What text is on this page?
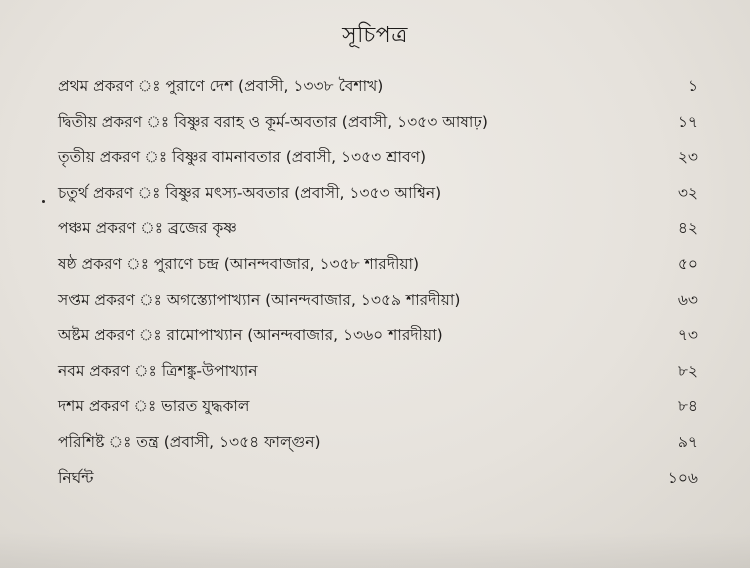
সূচিপত্র
প্রথম প্রকরণ ঃ পুরাণে দেশ (প্রবাসী, ১৩৩৮ বৈশাখ)	১
দ্বিতীয় প্রকরণ ঃ বিষ্ণুর বরাহ ও কূর্ম-অবতার (প্রবাসী, ১৩৫৩ আষাঢ়)	১৭
তৃতীয় প্রকরণ ঃ বিষ্ণুর বামনাবতার (প্রবাসী, ১৩৫৩ শ্রাবণ)	২৩
চতুর্থ প্রকরণ ঃ বিষ্ণুর মৎস্য-অবতার (প্রবাসী, ১৩৫৩ আশ্বিন)	৩২
পঞ্চম প্রকরণ ঃ ব্রজের কৃষ্ণ	৪২
ষষ্ঠ প্রকরণ ঃ পুরাণে চন্দ্র (আনন্দবাজার, ১৩৫৮ শারদীয়া)	৫০
সপ্তম প্রকরণ ঃ অগস্ত্যোপাখ্যান (আনন্দবাজার, ১৩৫৯ শারদীয়া)	৬৩
অষ্টম প্রকরণ ঃ রামোপাখ্যান (আনন্দবাজার, ১৩৬০ শারদীয়া)	৭৩
নবম প্রকরণ ঃ ত্রিশঙ্কু-উপাখ্যান	৮২
দশম প্রকরণ ঃ ভারত যুদ্ধকাল	৮৪
পরিশিষ্ট ঃ তন্ত্র (প্রবাসী, ১৩৫৪ ফাল্গুন)	৯৭
নির্ঘন্ট	১০৬
